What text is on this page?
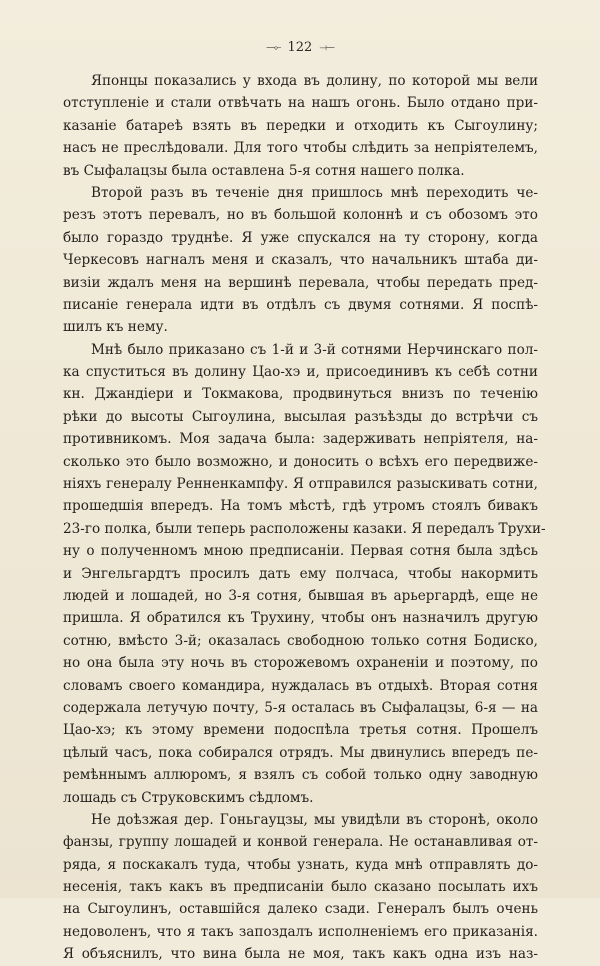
—⟜ 122 ⟞—
Японцы показались у входа въ долину, по которой мы вели
отступленіе и стали отвѣчать на нашъ огонь. Было отдано при-
казаніе батареѣ взять въ передки и отходить къ Сыгоулину;
насъ не преслѣдовали. Для того чтобы слѣдить за непріятелемъ,
въ Сыфалацзы была оставлена 5-я сотня нашего полка.
Второй разъ въ теченіе дня пришлось мнѣ переходить че-
резъ этотъ перевалъ, но въ большой колоннѣ и съ обозомъ это
было гораздо труднѣе. Я уже спускался на ту сторону, когда
Черкесовъ нагналъ меня и сказалъ, что начальникъ штаба ди-
визіи ждалъ меня на вершинѣ перевала, чтобы передать пред-
писаніе генерала идти въ отдѣлъ съ двумя сотнями. Я поспѣ-
шилъ къ нему.
Мнѣ было приказано съ 1-й и 3-й сотнями Нерчинскаго пол-
ка спуститься въ долину Цао-хэ и, присоединивъ къ себѣ сотни
кн. Джандіери и Токмакова, продвинуться внизъ по теченію
рѣки до высоты Сыгоулина, высылая разъѣзды до встрѣчи съ
противникомъ. Моя задача была: задерживать непріятеля, на-
сколько это было возможно, и доносить о всѣхъ его передвиже-
ніяхъ генералу Ренненкампфу. Я отправился разыскивать сотни,
прошедшія впередъ. На томъ мѣстѣ, гдѣ утромъ стоялъ бивакъ
23-го полка, были теперь расположены казаки. Я передалъ Трухи-
ну о полученномъ мною предписаніи. Первая сотня была здѣсь
и Энгельгардтъ просилъ дать ему полчаса, чтобы накормить
людей и лошадей, но 3-я сотня, бывшая въ арьергардѣ, еще не
пришла. Я обратился къ Трухину, чтобы онъ назначилъ другую
сотню, вмѣсто 3-й; оказалась свободною только сотня Бодиско,
но она была эту ночь въ сторожевомъ охраненіи и поэтому, по
словамъ своего командира, нуждалась въ отдыхѣ. Вторая сотня
содержала летучую почту, 5-я осталась въ Сыфалацзы, 6-я — на
Цао-хэ; къ этому времени подоспѣла третья сотня. Прошелъ
цѣлый часъ, пока собирался отрядъ. Мы двинулись впередъ пе-
ремѣннымъ аллюромъ, я взялъ съ собой только одну заводную
лошадь съ Струковскимъ сѣдломъ.
Не доѣзжая дер. Гоньгауцзы, мы увидѣли въ сторонѣ, около
фанзы, группу лошадей и конвой генерала. Не останавливая от-
ряда, я поскакалъ туда, чтобы узнать, куда мнѣ отправлять до-
несенія, такъ какъ въ предписаніи было сказано посылать ихъ
на Сыгоулинъ, оставшійся далеко сзади. Генералъ былъ очень
недоволенъ, что я такъ запоздалъ исполненіемъ его приказанія.
Я объяснилъ, что вина была не моя, такъ какъ одна изъ наз-
